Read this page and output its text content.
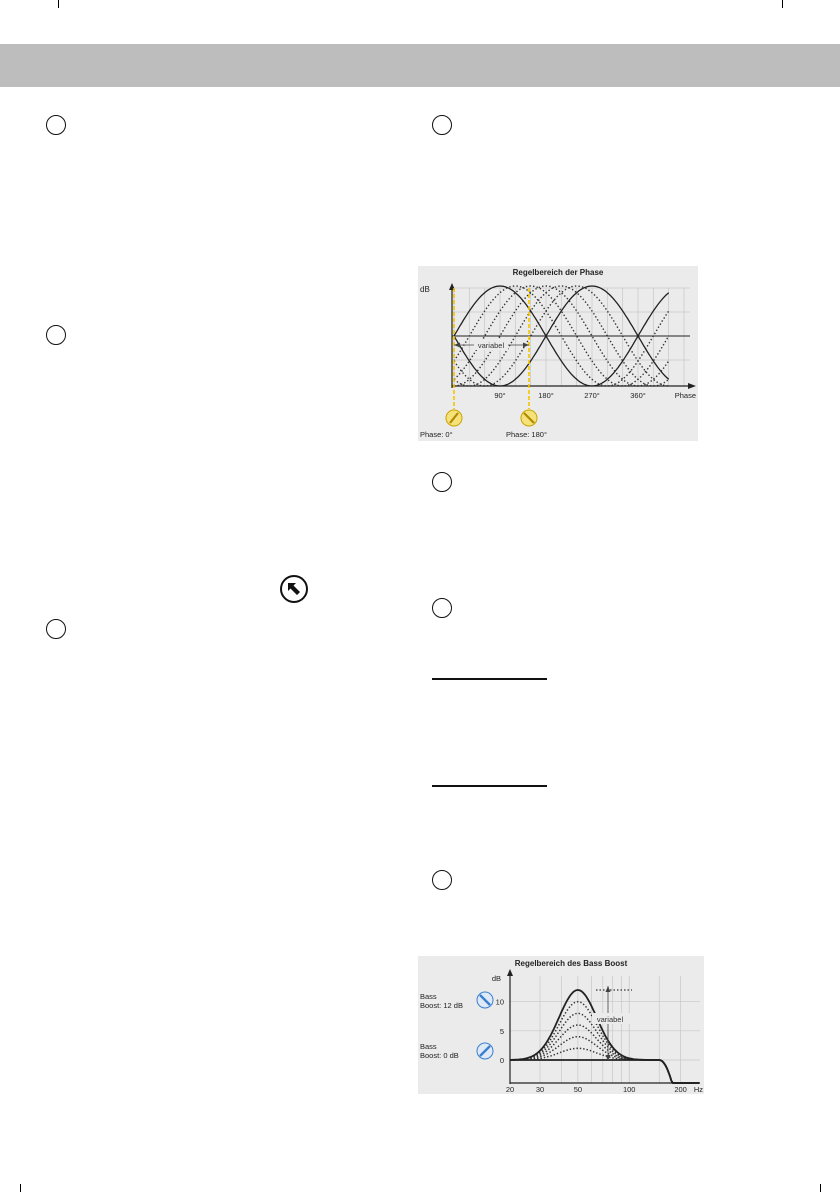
Regelbereich der Phase
dB
variabel
90°	180°	270°	360°	Phase
Phase: 0°	Phase: 180°
Regelbereich des Bass Boost
dB
10
5
0
20	30	50	100	200 Hz
variabel
Bass
Boost: 12 dB
Bass
Boost: 0 dB
